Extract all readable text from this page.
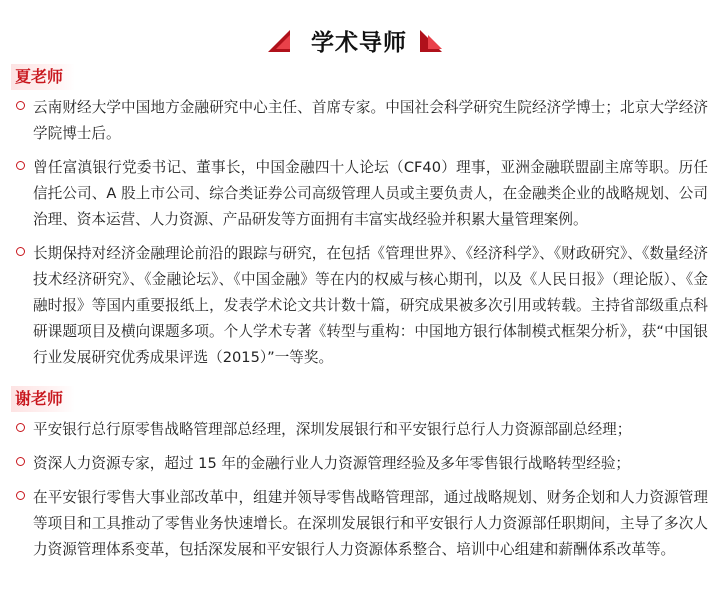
学术导师
夏老师
云南财经大学中国地方金融研究中心主任、首席专家。中国社会科学研究生院经济学博士；北京大学经济学院博士后。
曾任富滇银行党委书记、董事长，中国金融四十人论坛（CF40）理事，亚洲金融联盟副主席等职。历任信托公司、A 股上市公司、综合类证券公司高级管理人员或主要负责人，在金融类企业的战略规划、公司治理、资本运营、人力资源、产品研发等方面拥有丰富实战经验并积累大量管理案例。
长期保持对经济金融理论前沿的跟踪与研究，在包括《管理世界》、《经济科学》、《财政研究》、《数量经济技术经济研究》、《金融论坛》、《中国金融》等在内的权威与核心期刊，以及《人民日报》（理论版）、《金融时报》等国内重要报纸上，发表学术论文共计数十篇，研究成果被多次引用或转载。主持省部级重点科研课题项目及横向课题多项。个人学术专著《转型与重构：中国地方银行体制模式框架分析》，获“中国银行业发展研究优秀成果评选（2015）”一等奖。
谢老师
平安银行总行原零售战略管理部总经理，深圳发展银行和平安银行总行人力资源部副总经理；
资深人力资源专家，超过 15 年的金融行业人力资源管理经验及多年零售银行战略转型经验；
在平安银行零售大事业部改革中，组建并领导零售战略管理部，通过战略规划、财务企划和人力资源管理等项目和工具推动了零售业务快速增长。在深圳发展银行和平安银行人力资源部任职期间，主导了多次人力资源管理体系变革，包括深发展和平安银行人力资源体系整合、培训中心组建和薪酬体系改革等。
